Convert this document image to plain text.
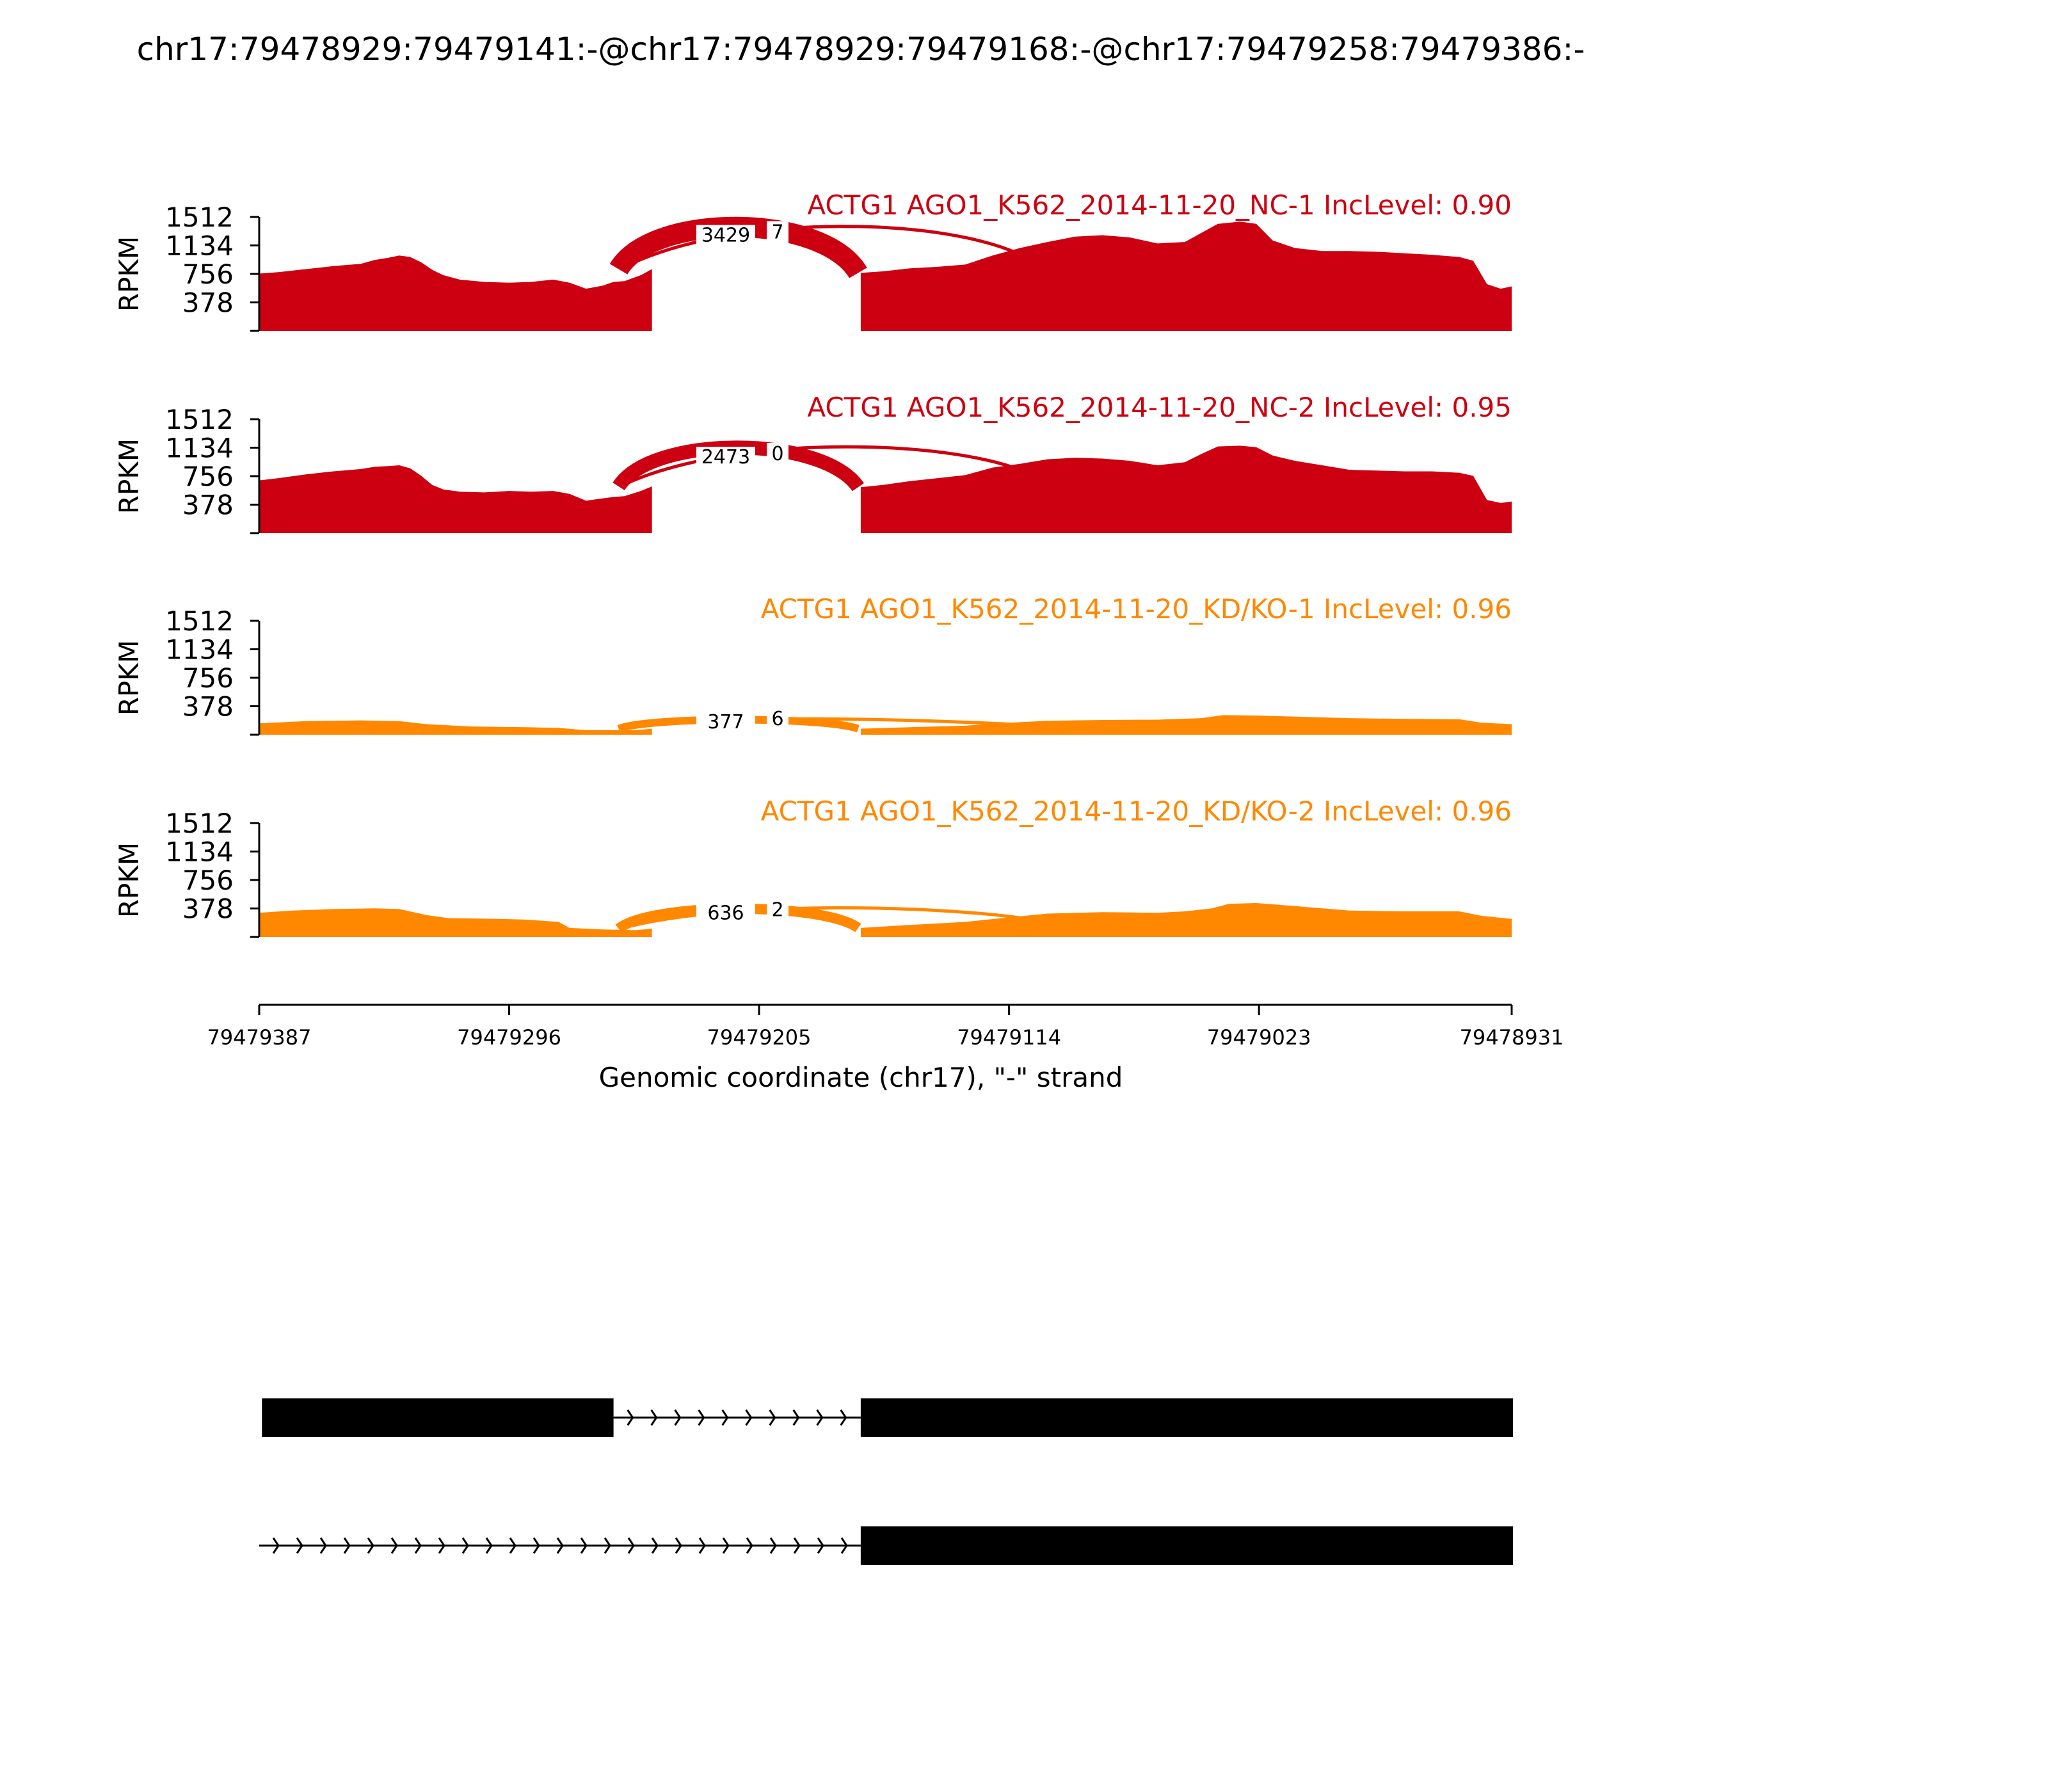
chr17:79478929:79479141:-@chr17:79478929:79479168:-@chr17:79479258:79479386:-
3429 7
ACTG1 AGO1_K562_2014-11-20_NC-1 IncLevel: 0.90
378
756
1134
1512
RPKM
2473 0
ACTG1 AGO1_K562_2014-11-20_NC-2 IncLevel: 0.95
378
756
1134
1512
RPKM
377 6
ACTG1 AGO1_K562_2014-11-20_KD/KO-1 IncLevel: 0.96
378
756
1134
1512
RPKM
636 2
ACTG1 AGO1_K562_2014-11-20_KD/KO-2 IncLevel: 0.96
378
756
1134
1512
RPKM
79479387	79479296	79479205	79479114	79479023	79478931
Genomic coordinate (chr17), "-" strand
